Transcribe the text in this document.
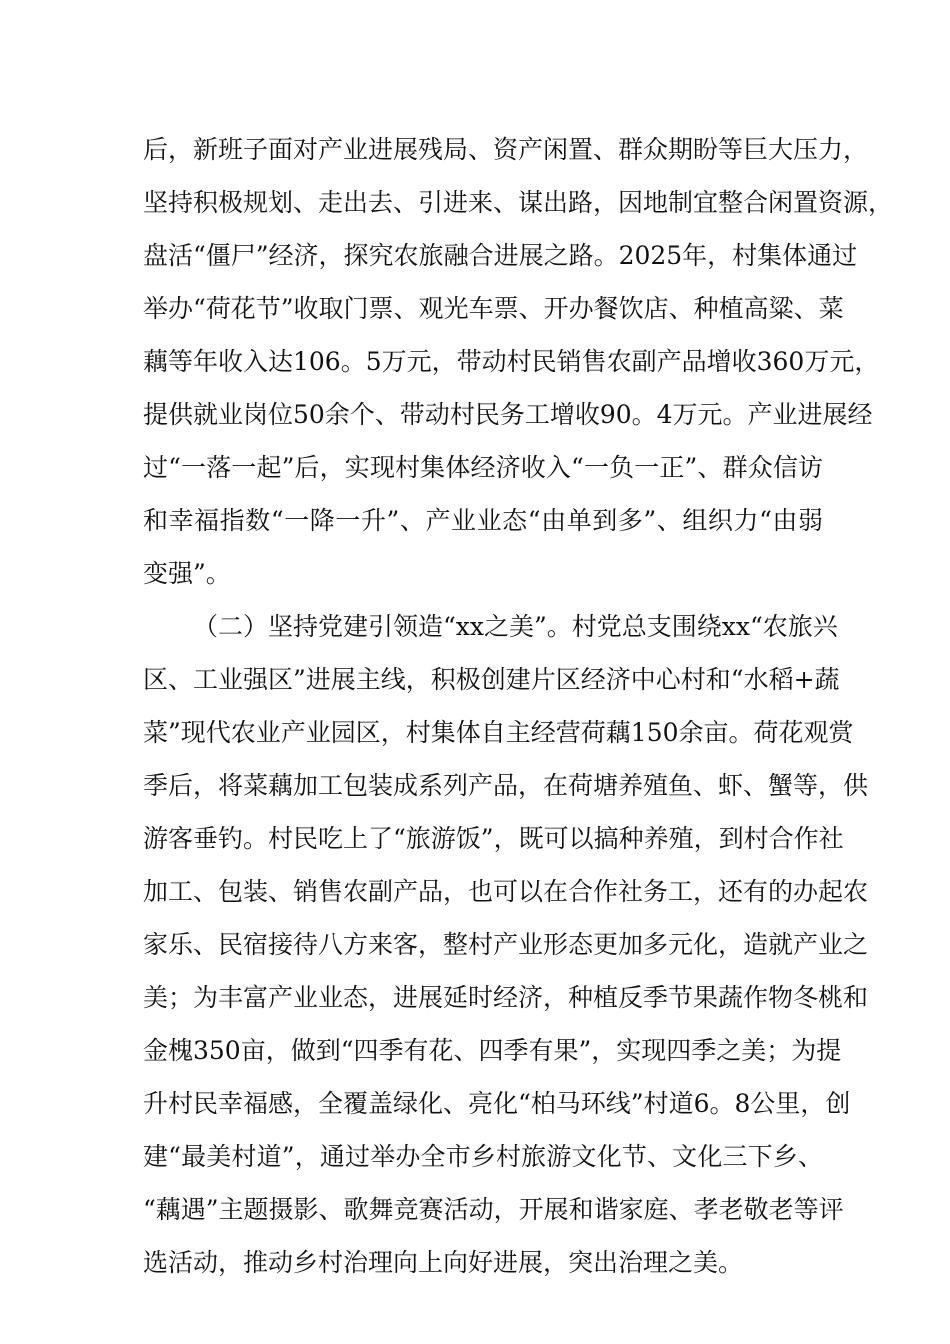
后，新班子面对产业进展残局、资产闲置、群众期盼等巨大压力，
坚持积极规划、走出去、引进来、谋出路，因地制宜整合闲置资源，
盘活“僵尸”经济，探究农旅融合进展之路。2025年，村集体通过
举办“荷花节”收取门票、观光车票、开办餐饮店、种植高粱、菜
藕等年收入达106。5万元，带动村民销售农副产品增收360万元，
提供就业岗位50余个、带动村民务工增收90。4万元。产业进展经
过“一落一起”后，实现村集体经济收入“一负一正”、群众信访
和幸福指数“一降一升”、产业业态“由单到多”、组织力“由弱
变强”。
（二）坚持党建引领造“xx之美”。村党总支围绕xx“农旅兴
区、工业强区”进展主线，积极创建片区经济中心村和“水稻+蔬
菜”现代农业产业园区，村集体自主经营荷藕150余亩。荷花观赏
季后，将菜藕加工包装成系列产品，在荷塘养殖鱼、虾、蟹等，供
游客垂钓。村民吃上了“旅游饭”，既可以搞种养殖，到村合作社
加工、包装、销售农副产品，也可以在合作社务工，还有的办起农
家乐、民宿接待八方来客，整村产业形态更加多元化，造就产业之
美；为丰富产业业态，进展延时经济，种植反季节果蔬作物冬桃和
金槐350亩，做到“四季有花、四季有果”，实现四季之美；为提
升村民幸福感，全覆盖绿化、亮化“柏马环线”村道6。8公里，创
建“最美村道”，通过举办全市乡村旅游文化节、文化三下乡、
“藕遇”主题摄影、歌舞竞赛活动，开展和谐家庭、孝老敬老等评
选活动，推动乡村治理向上向好进展，突出治理之美。
